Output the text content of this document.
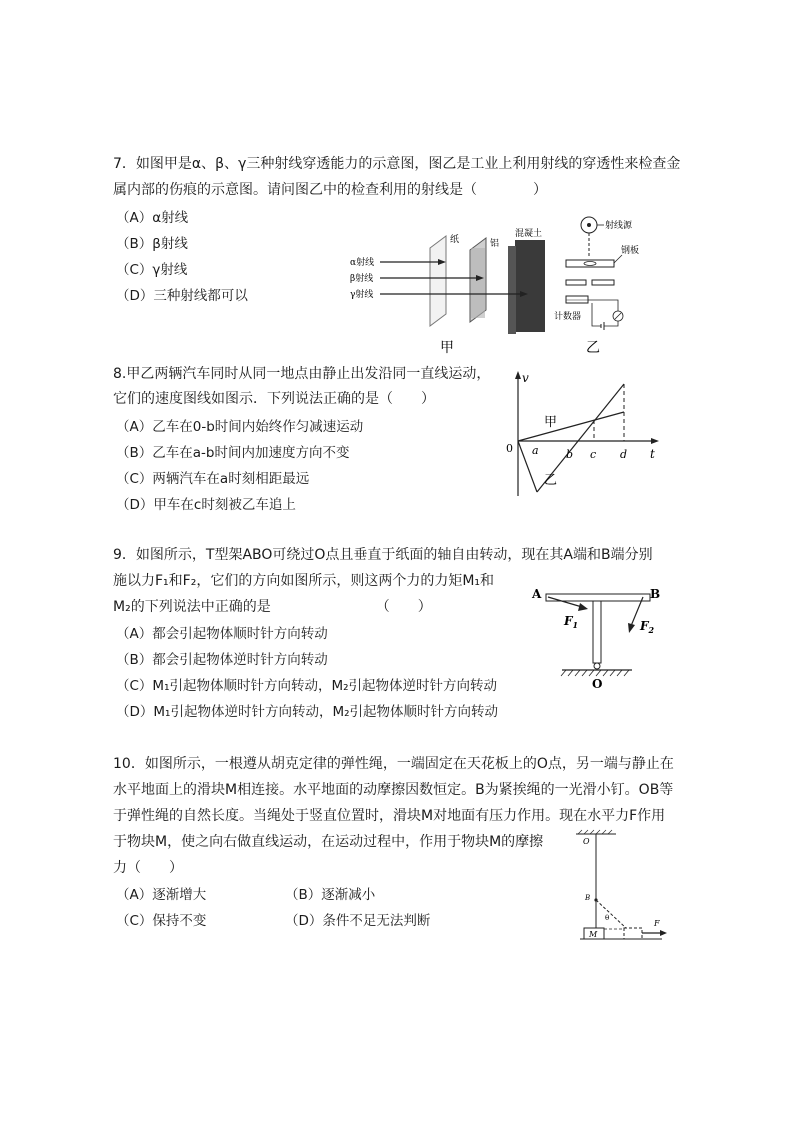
7．如图甲是α、β、γ三种射线穿透能力的示意图，图乙是工业上利用射线的穿透性来检查金
属内部的伤痕的示意图。请问图乙中的检查利用的射线是（　　　　）
（A）α射线
（B）β射线
（C）γ射线
（D）三种射线都可以
α射线
β射线
γ射线
纸	铝
混凝土
甲
射线源
钢板
计数器
乙
8.甲乙两辆汽车同时从同一地点由静止出发沿同一直线运动，
它们的速度图线如图示．下列说法正确的是（　　）
（A）乙车在0-b时间内始终作匀减速运动
（B）乙车在a-b时间内加速度方向不变
（C）两辆汽车在a时刻相距最远
（D）甲车在c时刻被乙车追上
v
t
0
甲
乙
a b c d
9．如图所示，T型架ABO可绕过O点且垂直于纸面的轴自由转动，现在其A端和B端分别
施以力F₁和F₂，它们的方向如图所示，则这两个力的力矩M₁和
M₂的下列说法中正确的是　　　　　　　　（　　）
（A）都会引起物体顺时针方向转动
（B）都会引起物体逆时针方向转动
（C）M₁引起物体顺时针方向转动，M₂引起物体逆时针方向转动
（D）M₁引起物体逆时针方向转动，M₂引起物体顺时针方向转动
A	B
$F_1$	$F_2$
O
10．如图所示，一根遵从胡克定律的弹性绳，一端固定在天花板上的O点，另一端与静止在
水平地面上的滑块M相连接。水平地面的动摩擦因数恒定。B为紧挨绳的一光滑小钉。OB等
于弹性绳的自然长度。当绳处于竖直位置时，滑块M对地面有压力作用。现在水平力F作用
于物块M，使之向右做直线运动，在运动过程中，作用于物块M的摩擦
力（　　）
（A）逐渐增大	（B）逐渐减小
（C）保持不变	（D）条件不足无法判断
O
B
θ
M
F
